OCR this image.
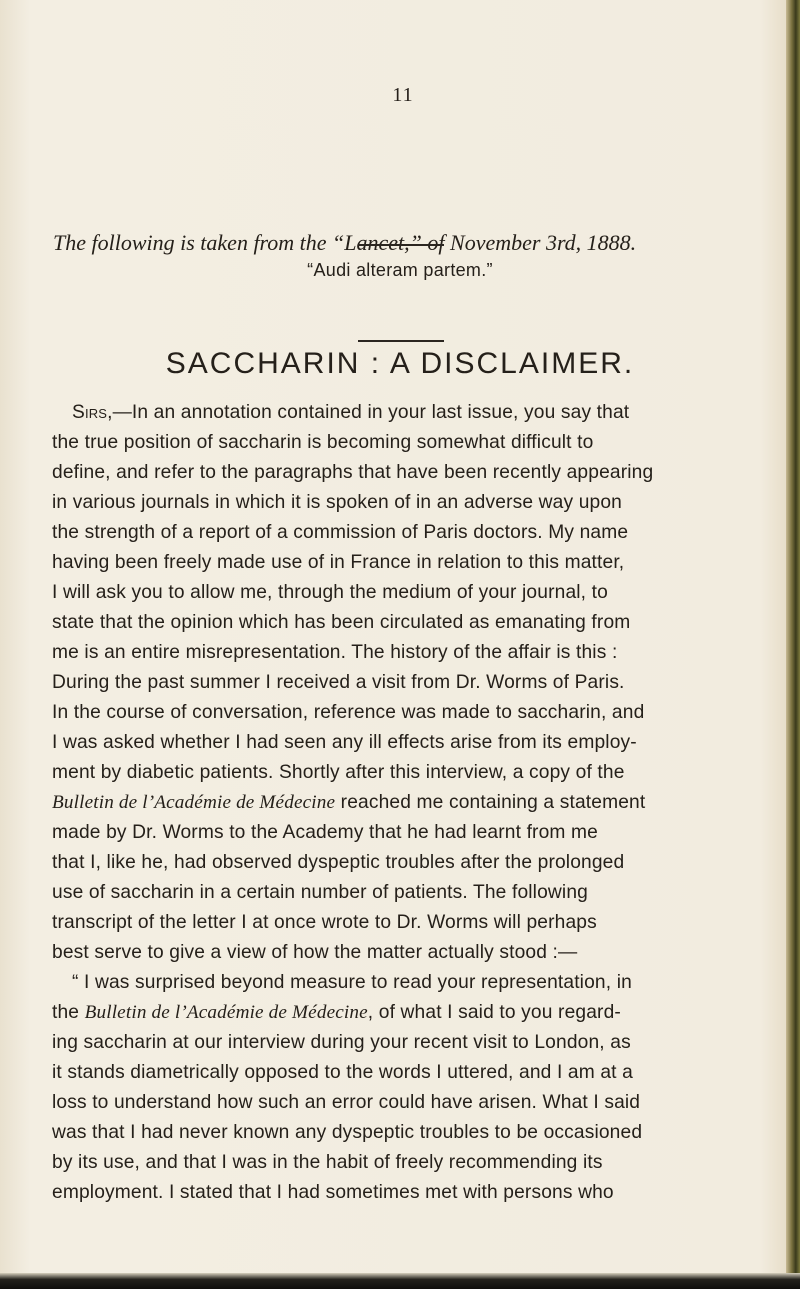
11
The following is taken from the “Lancet,” of November 3rd, 1888.
“Audi alteram partem.”
SACCHARIN : A DISCLAIMER.
Sirs,—In an annotation contained in your last issue, you say that
the true position of saccharin is becoming somewhat difficult to
define, and refer to the paragraphs that have been recently appearing
in various journals in which it is spoken of in an adverse way upon
the strength of a report of a commission of Paris doctors. My name
having been freely made use of in France in relation to this matter,
I will ask you to allow me, through the medium of your journal, to
state that the opinion which has been circulated as emanating from
me is an entire misrepresentation. The history of the affair is this :
During the past summer I received a visit from Dr. Worms of Paris.
In the course of conversation, reference was made to saccharin, and
I was asked whether I had seen any ill effects arise from its employ-
ment by diabetic patients. Shortly after this interview, a copy of the
Bulletin de l’Académie de Médecine reached me containing a statement
made by Dr. Worms to the Academy that he had learnt from me
that I, like he, had observed dyspeptic troubles after the prolonged
use of saccharin in a certain number of patients. The following
transcript of the letter I at once wrote to Dr. Worms will perhaps
best serve to give a view of how the matter actually stood :—
“ I was surprised beyond measure to read your representation, in
the Bulletin de l’Académie de Médecine, of what I said to you regard-
ing saccharin at our interview during your recent visit to London, as
it stands diametrically opposed to the words I uttered, and I am at a
loss to understand how such an error could have arisen. What I said
was that I had never known any dyspeptic troubles to be occasioned
by its use, and that I was in the habit of freely recommending its
employment. I stated that I had sometimes met with persons who
